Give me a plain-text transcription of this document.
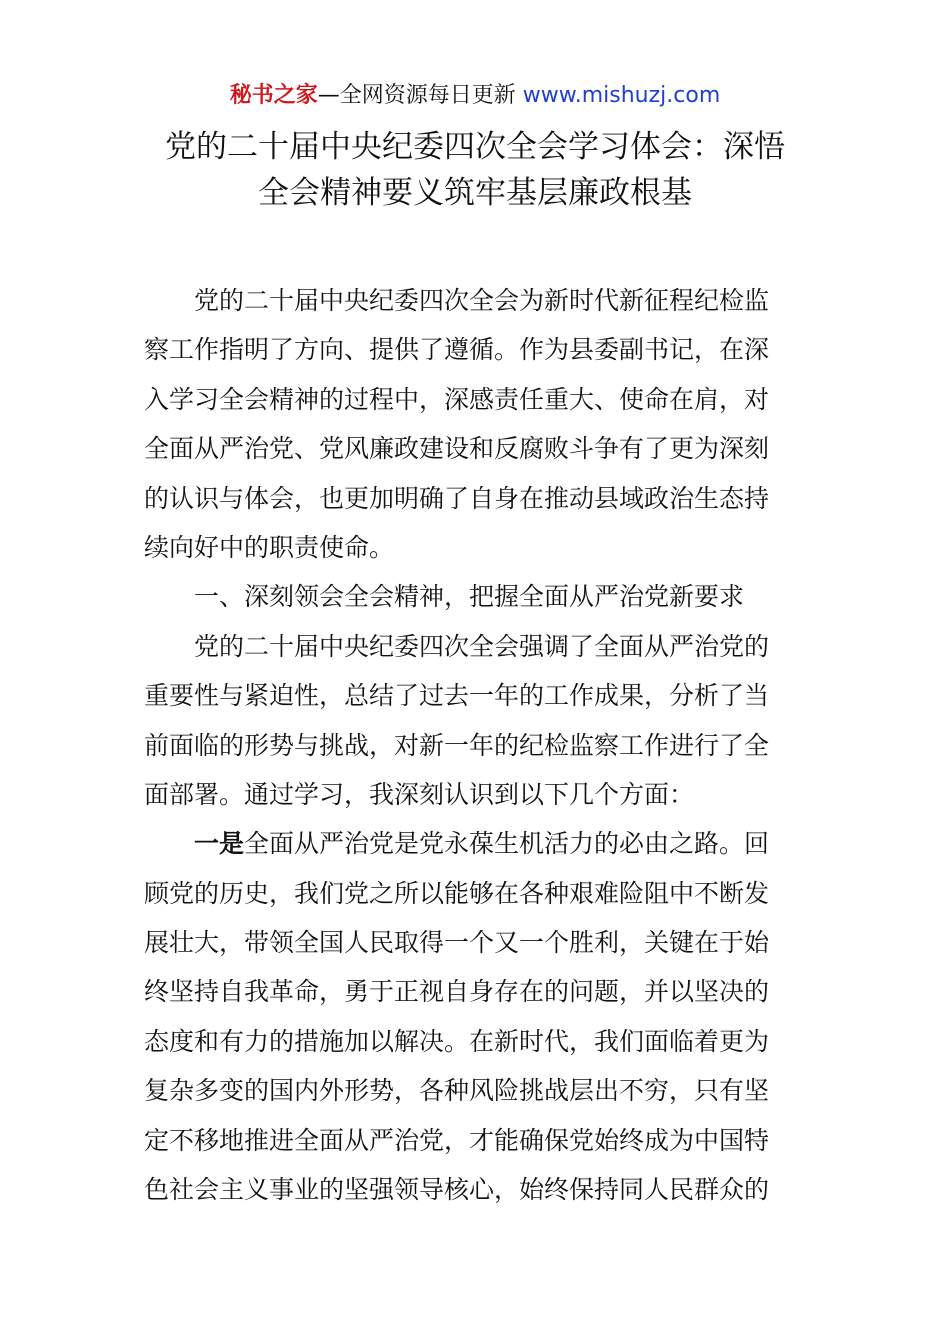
秘书之家—全网资源每日更新 www.mishuzj.com
党的二十届中央纪委四次全会学习体会：深悟
全会精神要义筑牢基层廉政根基
党的二十届中央纪委四次全会为新时代新征程纪检监
察工作指明了方向、提供了遵循。作为县委副书记，在深
入学习全会精神的过程中，深感责任重大、使命在肩，对
全面从严治党、党风廉政建设和反腐败斗争有了更为深刻
的认识与体会，也更加明确了自身在推动县域政治生态持
续向好中的职责使命。
一、深刻领会全会精神，把握全面从严治党新要求
党的二十届中央纪委四次全会强调了全面从严治党的
重要性与紧迫性，总结了过去一年的工作成果，分析了当
前面临的形势与挑战，对新一年的纪检监察工作进行了全
面部署。通过学习，我深刻认识到以下几个方面：
一是全面从严治党是党永葆生机活力的必由之路。回
顾党的历史，我们党之所以能够在各种艰难险阻中不断发
展壮大，带领全国人民取得一个又一个胜利，关键在于始
终坚持自我革命，勇于正视自身存在的问题，并以坚决的
态度和有力的措施加以解决。在新时代，我们面临着更为
复杂多变的国内外形势，各种风险挑战层出不穷，只有坚
定不移地推进全面从严治党，才能确保党始终成为中国特
色社会主义事业的坚强领导核心，始终保持同人民群众的
